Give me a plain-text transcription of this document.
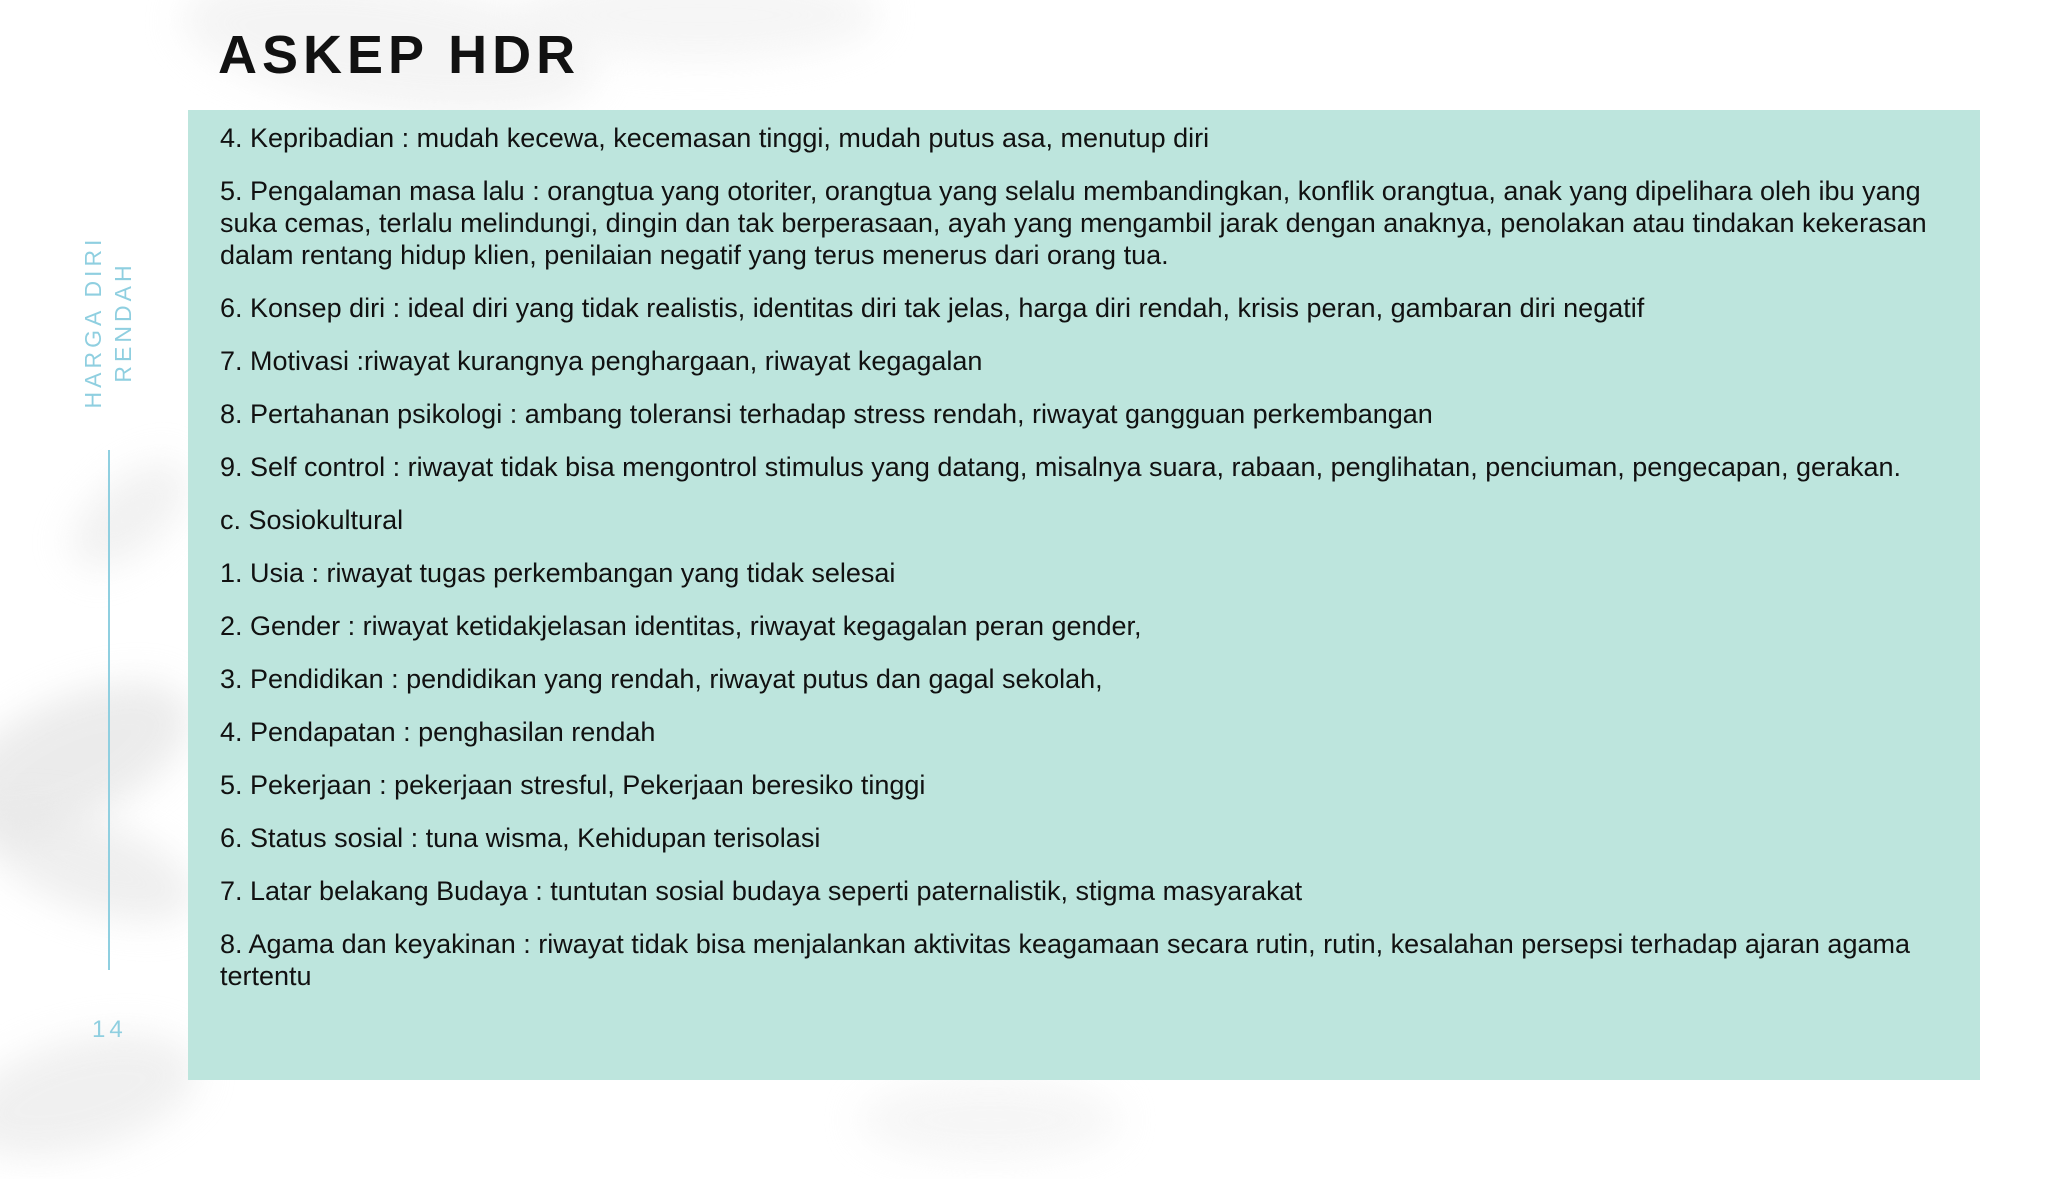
ASKEP HDR
HARGA DIRI
RENDAH
14

4. Kepribadian : mudah kecewa, kecemasan tinggi, mudah putus asa, menutup diri

5. Pengalaman masa lalu : orangtua yang otoriter, orangtua yang selalu membandingkan, konflik orangtua, anak yang dipelihara oleh ibu yang suka cemas, terlalu melindungi, dingin dan tak berperasaan, ayah yang mengambil jarak dengan anaknya, penolakan atau tindakan kekerasan dalam rentang hidup klien, penilaian negatif yang terus menerus dari orang tua.

6. Konsep diri : ideal diri yang tidak realistis, identitas diri tak jelas, harga diri rendah, krisis peran, gambaran diri negatif

7. Motivasi :riwayat kurangnya penghargaan, riwayat kegagalan

8. Pertahanan psikologi : ambang toleransi terhadap stress rendah, riwayat gangguan perkembangan

9. Self control : riwayat tidak bisa mengontrol stimulus yang datang, misalnya suara, rabaan, penglihatan, penciuman, pengecapan, gerakan.

c. Sosiokultural

1. Usia : riwayat tugas perkembangan yang tidak selesai

2. Gender : riwayat ketidakjelasan identitas, riwayat kegagalan peran gender,

3. Pendidikan : pendidikan yang rendah, riwayat putus dan gagal sekolah,

4. Pendapatan : penghasilan rendah

5. Pekerjaan : pekerjaan stresful, Pekerjaan beresiko tinggi

6. Status sosial : tuna wisma, Kehidupan terisolasi

7. Latar belakang Budaya : tuntutan sosial budaya seperti paternalistik, stigma masyarakat

8. Agama dan keyakinan : riwayat tidak bisa menjalankan aktivitas keagamaan secara rutin, rutin, kesalahan persepsi terhadap ajaran agama tertentu
